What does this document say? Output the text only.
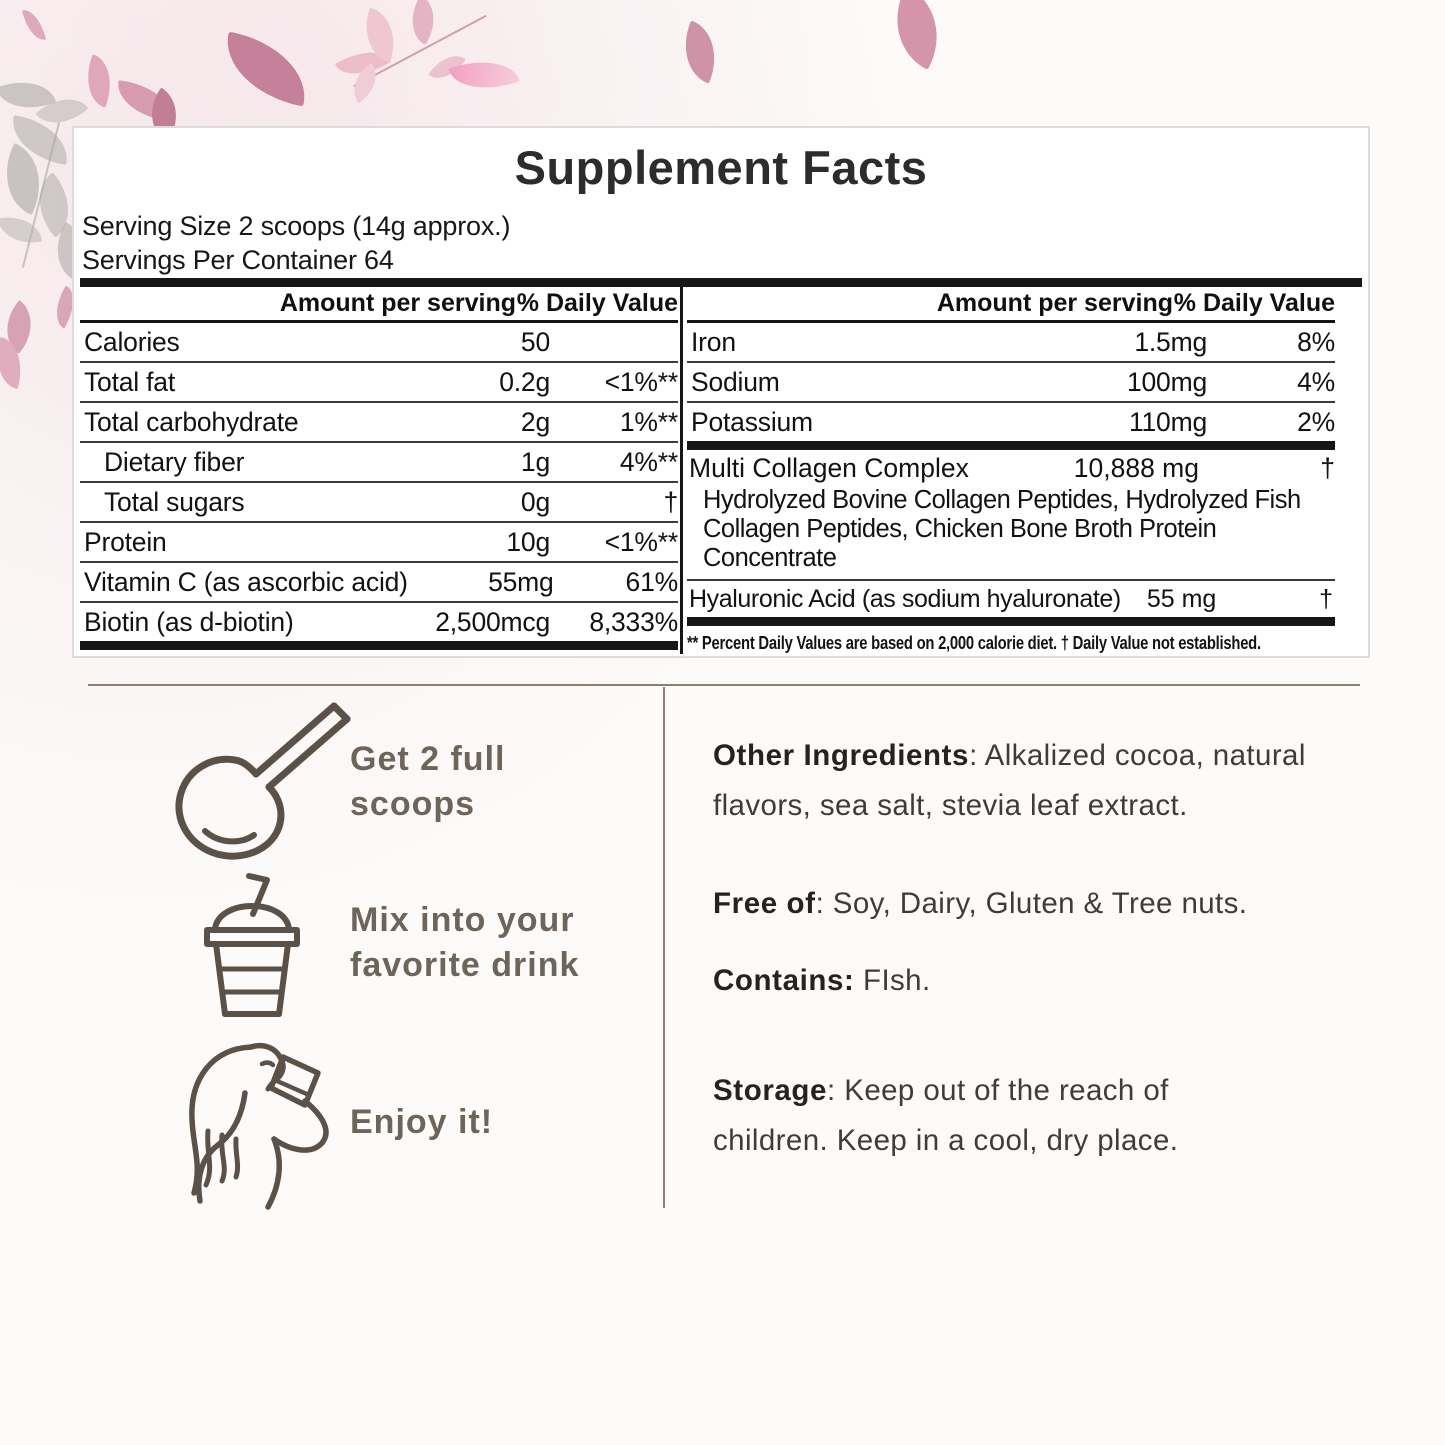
Supplement Facts
Serving Size 2 scoops (14g approx.)
Servings Per Container 64
Amount per serving % Daily Value
Calories	50
Total fat	0.2g	<1%**
Total carbohydrate	2g	1%**
Dietary fiber	1g	4%**
Total sugars	0g	†
Protein	10g	<1%**
Vitamin C (as ascorbic acid)	55mg	61%
Biotin (as d-biotin)	2,500mcg	8,333%
Amount per serving % Daily Value
Iron	1.5mg	8%
Sodium	100mg	4%
Potassium	110mg	2%
Multi Collagen Complex	10,888 mg	†
Hydrolyzed Bovine Collagen Peptides, Hydrolyzed Fish Collagen Peptides, Chicken Bone Broth Protein Concentrate
Hyaluronic Acid (as sodium hyaluronate) 55 mg	†
** Percent Daily Values are based on 2,000 calorie diet. † Daily Value not established.
Get 2 full scoops
Mix into your favorite drink
Enjoy it!
Other Ingredients: Alkalized cocoa, natural flavors, sea salt, stevia leaf extract.
Free of: Soy, Dairy, Gluten & Tree nuts.
Contains: FIsh.
Storage: Keep out of the reach of children. Keep in a cool, dry place.
